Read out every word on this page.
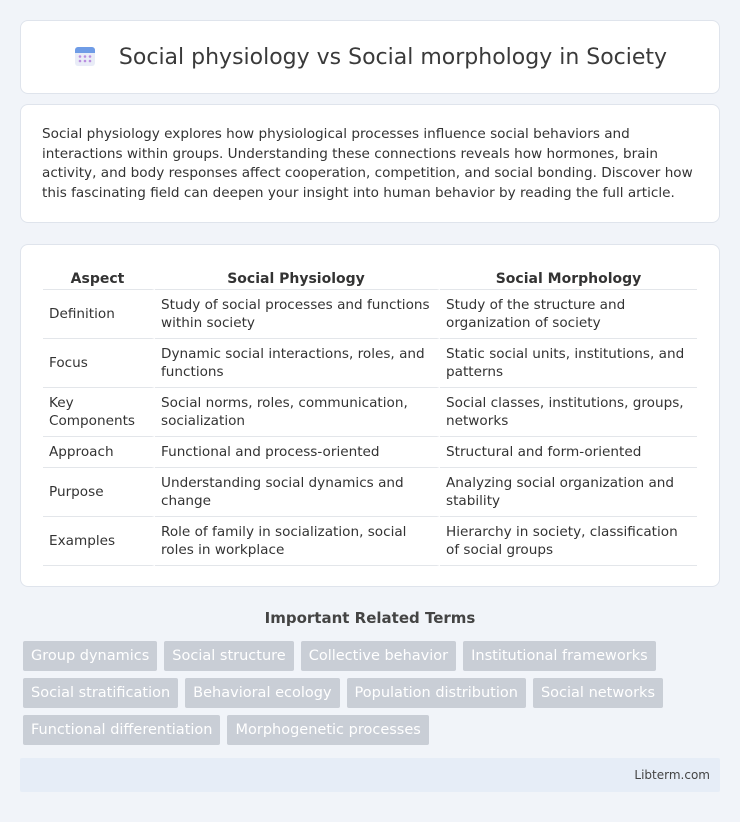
Social physiology vs Social morphology in Society

Social physiology explores how physiological processes influence social behaviors and interactions within groups. Understanding these connections reveals how hormones, brain activity, and body responses affect cooperation, competition, and social bonding. Discover how this fascinating field can deepen your insight into human behavior by reading the full article.

Aspect	Social Physiology	Social Morphology
Definition	Study of social processes and functions within society	Study of the structure and organization of society
Focus	Dynamic social interactions, roles, and functions	Static social units, institutions, and patterns
Key Components	Social norms, roles, communication, socialization	Social classes, institutions, groups, networks
Approach	Functional and process-oriented	Structural and form-oriented
Purpose	Understanding social dynamics and change	Analyzing social organization and stability
Examples	Role of family in socialization, social roles in workplace	Hierarchy in society, classification of social groups
Important Related Terms
Group dynamics	Social structure	Collective behavior	Institutional frameworks
Social stratification	Behavioral ecology	Population distribution	Social networks
Functional differentiation	Morphogenetic processes
Libterm.com
